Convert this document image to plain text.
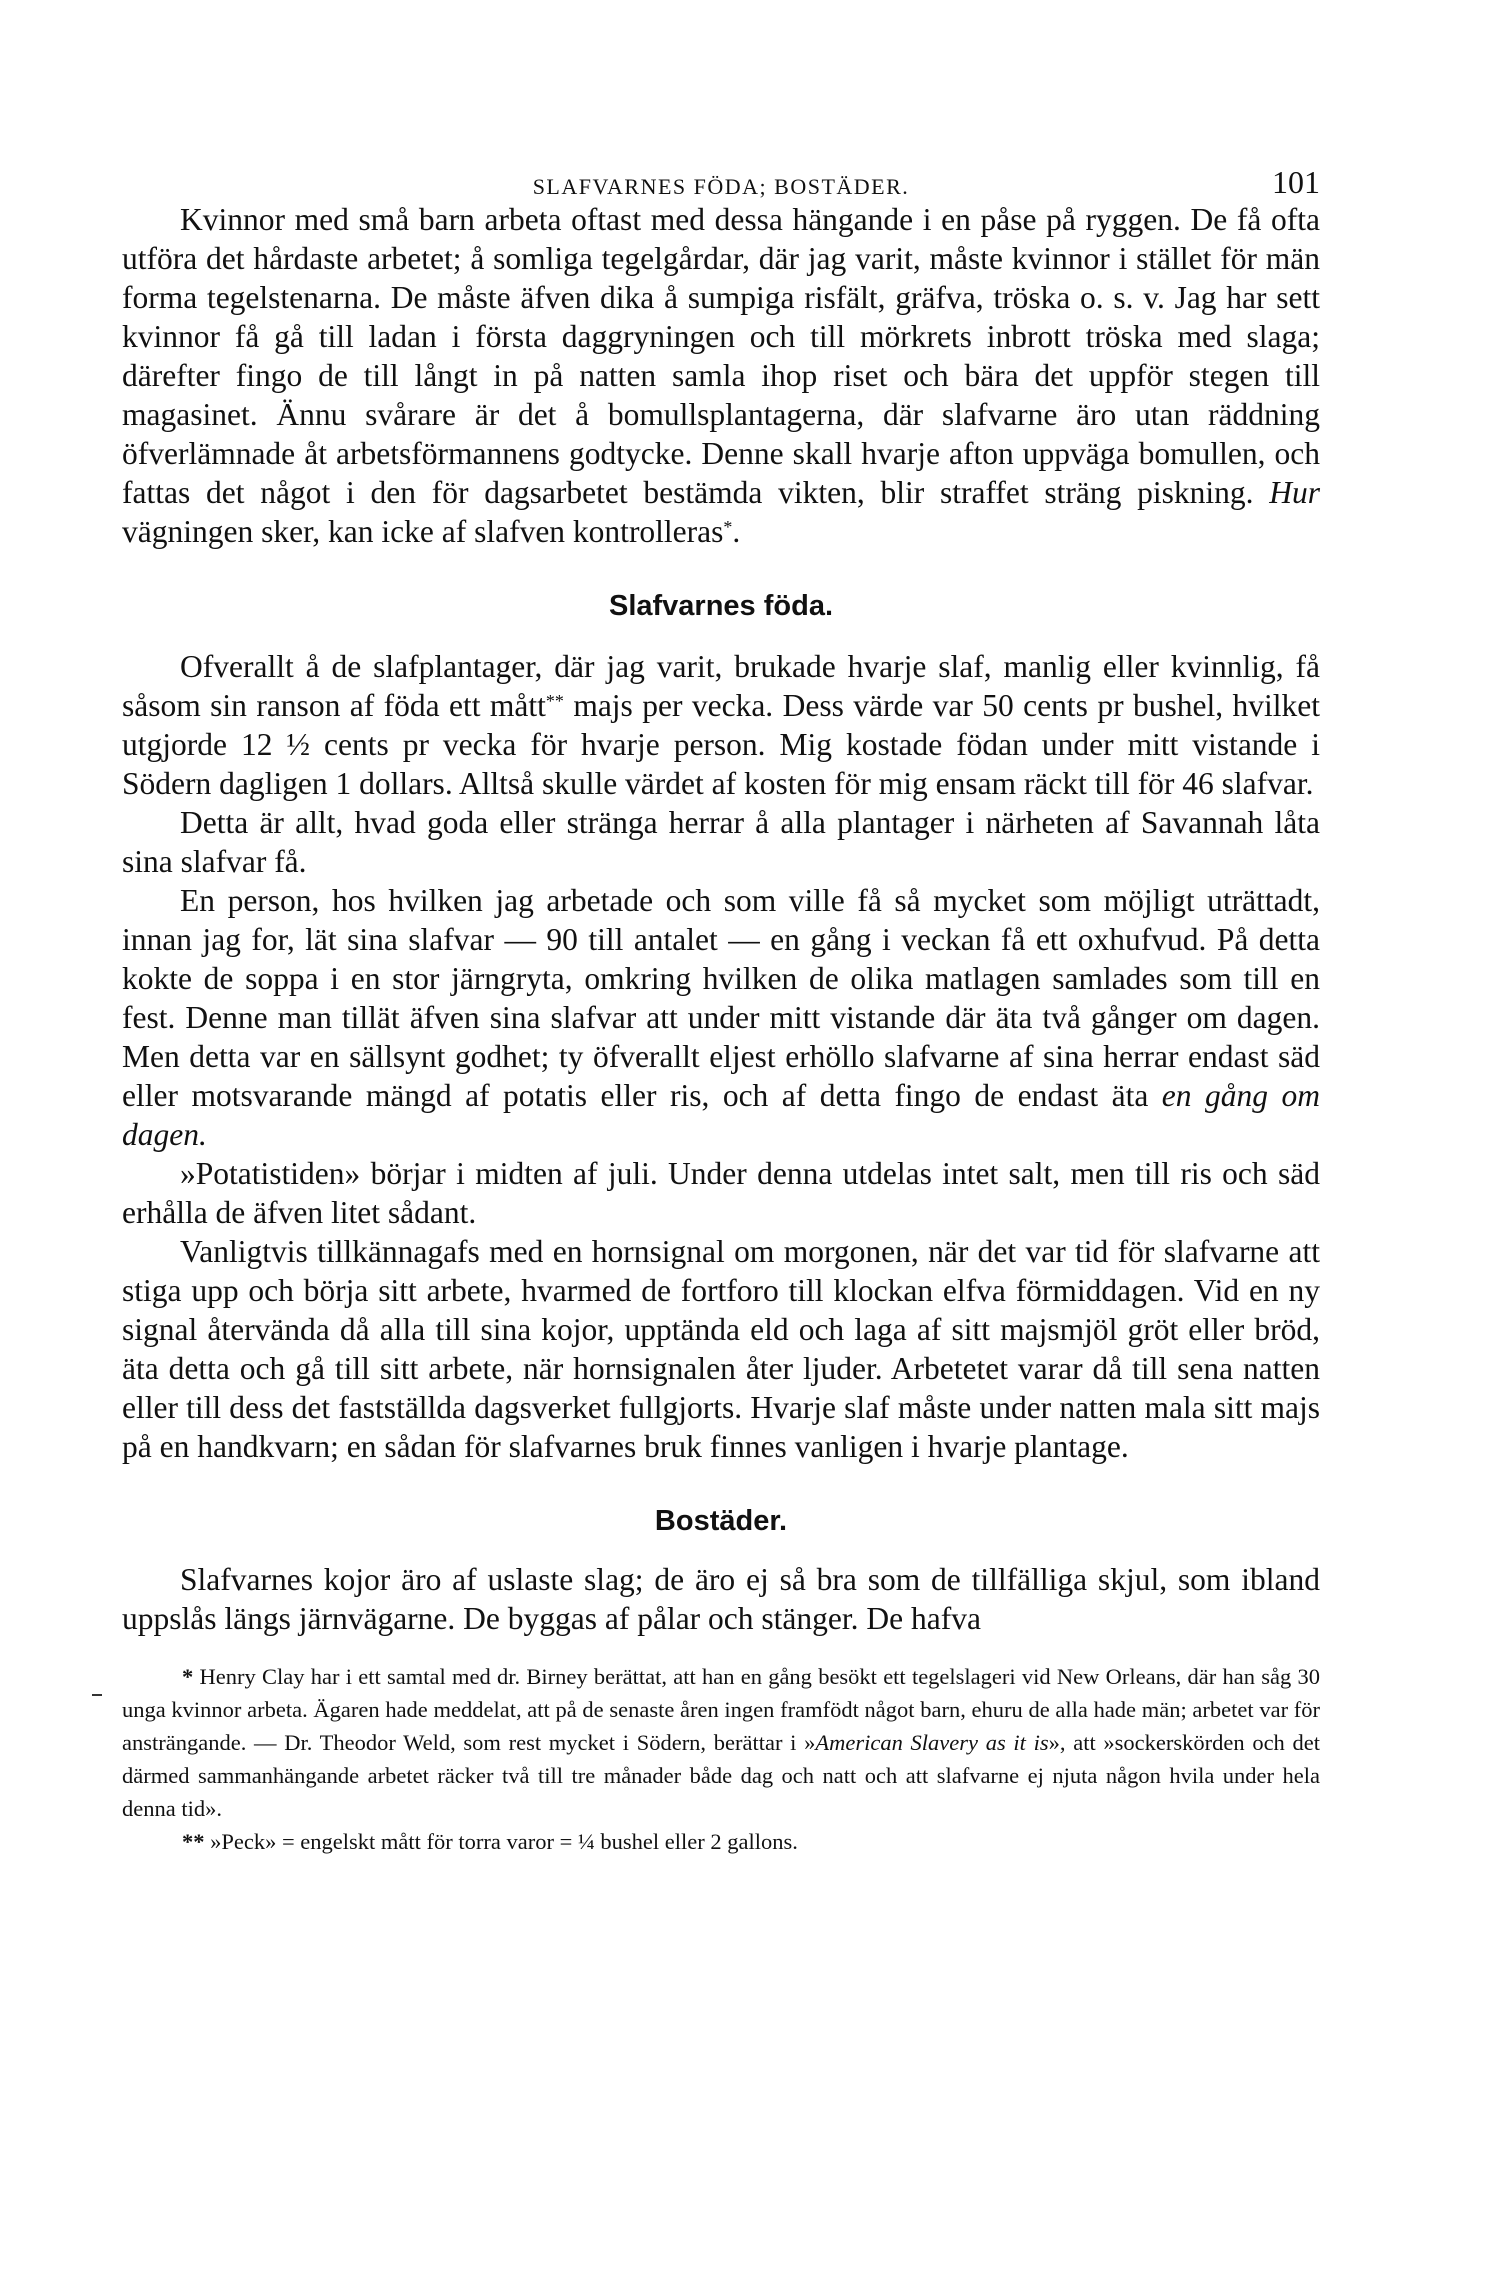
SLAFVARNES FÖDA; BOSTÄDER.	101

Kvinnor med små barn arbeta oftast med dessa hängande i en påse på ryggen. De få ofta utföra det hårdaste arbetet; å somliga tegelgårdar, där jag varit, måste kvinnor i stället för män forma tegelstenarna. De måste äfven dika å sumpiga risfält, gräfva, tröska o. s. v. Jag har sett kvinnor få gå till ladan i första daggryningen och till mörkrets inbrott tröska med slaga; därefter fingo de till långt in på natten samla ihop riset och bära det uppför stegen till magasinet. Ännu svårare är det å bomullsplantagerna, där slafvarne äro utan räddning öfverlämnade åt arbetsförmannens godtycke. Denne skall hvarje afton uppväga bomullen, och fattas det något i den för dagsarbetet bestämda vikten, blir straffet sträng piskning. Hur vägningen sker, kan icke af slafven kontrolleras*.

Slafvarnes föda.

Ofverallt å de slafplantager, där jag varit, brukade hvarje slaf, manlig eller kvinnlig, få såsom sin ranson af föda ett mått** majs per vecka. Dess värde var 50 cents pr bushel, hvilket utgjorde 12 ½ cents pr vecka för hvarje person. Mig kostade födan under mitt vistande i Södern dagligen 1 dollars. Alltså skulle värdet af kosten för mig ensam räckt till för 46 slafvar.

Detta är allt, hvad goda eller stränga herrar å alla plantager i närheten af Savannah låta sina slafvar få.

En person, hos hvilken jag arbetade och som ville få så mycket som möjligt uträttadt, innan jag for, lät sina slafvar — 90 till antalet — en gång i veckan få ett oxhufvud. På detta kokte de soppa i en stor järngryta, omkring hvilken de olika matlagen samlades som till en fest. Denne man tillät äfven sina slafvar att under mitt vistande där äta två gånger om dagen. Men detta var en sällsynt godhet; ty öfverallt eljest erhöllo slafvarne af sina herrar endast säd eller motsvarande mängd af potatis eller ris, och af detta fingo de endast äta en gång om dagen.

»Potatistiden» börjar i midten af juli. Under denna utdelas intet salt, men till ris och säd erhålla de äfven litet sådant.

Vanligtvis tillkännagafs med en hornsignal om morgonen, när det var tid för slafvarne att stiga upp och börja sitt arbete, hvarmed de fortforo till klockan elfva förmiddagen. Vid en ny signal återvända då alla till sina kojor, upptända eld och laga af sitt majsmjöl gröt eller bröd, äta detta och gå till sitt arbete, när hornsignalen åter ljuder. Arbetetet varar då till sena natten eller till dess det fastställda dagsverket fullgjorts. Hvarje slaf måste under natten mala sitt majs på en handkvarn; en sådan för slafvarnes bruk finnes vanligen i hvarje plantage.

Bostäder.

Slafvarnes kojor äro af uslaste slag; de äro ej så bra som de tillfälliga skjul, som ibland uppslås längs järnvägarne. De byggas af pålar och stänger. De hafva

* Henry Clay har i ett samtal med dr. Birney berättat, att han en gång besökt ett tegelslageri vid New Orleans, där han såg 30 unga kvinnor arbeta. Ägaren hade meddelat, att på de senaste åren ingen framfödt något barn, ehuru de alla hade män; arbetet var för ansträngande. — Dr. Theodor Weld, som rest mycket i Södern, berättar i »American Slavery as it is», att »sockerskörden och det därmed sammanhängande arbetet räcker två till tre månader både dag och natt och att slafvarne ej njuta någon hvila under hela denna tid».

** »Peck» = engelskt mått för torra varor = ¼ bushel eller 2 gallons.
